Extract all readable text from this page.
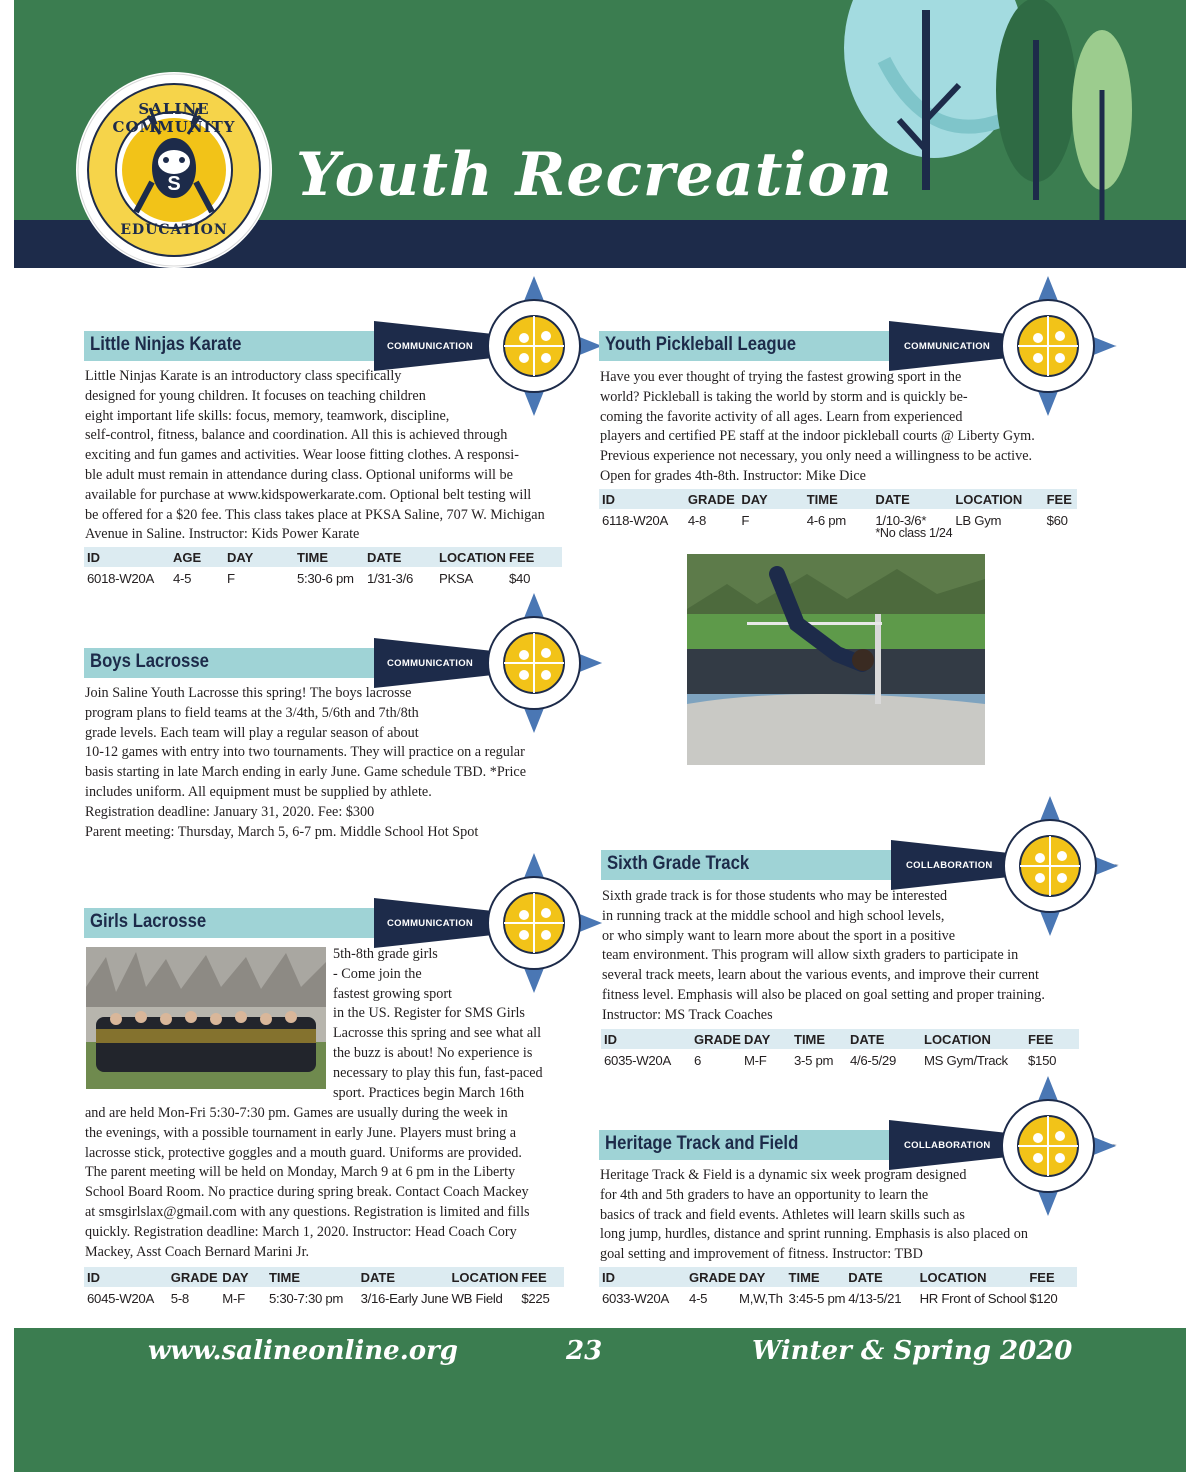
Youth Recreation
S
SALINE COMMUNITY
EDUCATION
COMMUNICATION
Little Ninjas Karate

Little Ninjas Karate is an introductory class specifically

designed for young children. It focuses on teaching children

eight important life skills: focus, memory, teamwork, discipline,

self-control, fitness, balance and coordination. All this is achieved through

exciting and fun games and activities. Wear loose fitting clothes. A responsi-

ble adult must remain in attendance during class. Optional uniforms will be

available for purchase at www.kidspowerkarate.com. Optional belt testing will

be offered for a $20 fee. This class takes place at PKSA Saline, 707 W. Michigan

Avenue in Saline. Instructor: Kids Power Karate

ID	AGE	DAY	TIME	DATE	LOCATION	FEE
6018-W20A	4-5	F	5:30-6 pm	1/31-3/6	PKSA	$40
COMMUNICATION
Boys Lacrosse

Join Saline Youth Lacrosse this spring! The boys lacrosse

program plans to field teams at the 3/4th, 5/6th and 7th/8th

grade levels. Each team will play a regular season of about

10-12 games with entry into two tournaments. They will practice on a regular

basis starting in late March ending in early June. Game schedule TBD. *Price

includes uniform. All equipment must be supplied by athlete.

Registration deadline: January 31, 2020. Fee: $300

Parent meeting: Thursday, March 5, 6-7 pm. Middle School Hot Spot

COMMUNICATION
Girls Lacrosse

5th-8th grade girls

- Come join the

fastest growing sport

in the US. Register for SMS Girls

Lacrosse this spring and see what all

the buzz is about! No experience is

necessary to play this fun, fast-paced

sport. Practices begin March 16th

and are held Mon-Fri 5:30-7:30 pm. Games are usually during the week in

the evenings, with a possible tournament in early June. Players must bring a

lacrosse stick, protective goggles and a mouth guard. Uniforms are provided.

The parent meeting will be held on Monday, March 9 at 6 pm in the Liberty

School Board Room. No practice during spring break. Contact Coach Mackey

at smsgirlslax@gmail.com with any questions. Registration is limited and fills

quickly. Registration deadline: March 1, 2020. Instructor: Head Coach Cory

Mackey, Asst Coach Bernard Marini Jr.

ID	GRADE	DAY	TIME	DATE	LOCATION	FEE
6045-W20A	5-8	M-F	5:30-7:30 pm	3/16-Early June	WB Field	$225
COMMUNICATION
Youth Pickleball League

Have you ever thought of trying the fastest growing sport in the

world? Pickleball is taking the world by storm and is quickly be-

coming the favorite activity of all ages. Learn from experienced

players and certified PE staff at the indoor pickleball courts @ Liberty Gym.

Previous experience not necessary, you only need a willingness to be active.

Open for grades 4th-8th. Instructor: Mike Dice

ID	GRADE	DAY	TIME	DATE	LOCATION	FEE
6118-W20A	4-8	F	4-6 pm	1/10-3/6*
*No class 1/24	LB Gym	$60
COLLABORATION
Sixth Grade Track

Sixth grade track is for those students who may be interested

in running track at the middle school and high school levels,

or who simply want to learn more about the sport in a positive

team environment. This program will allow sixth graders to participate in

several track meets, learn about the various events, and improve their current

fitness level. Emphasis will also be placed on goal setting and proper training.

Instructor: MS Track Coaches

ID	GRADE	DAY	TIME	DATE	LOCATION	FEE
6035-W20A	6	M-F	3-5 pm	4/6-5/29	MS Gym/Track	$150
COLLABORATION
Heritage Track and Field

Heritage Track & Field is a dynamic six week program designed

for 4th and 5th graders to have an opportunity to learn the

basics of track and field events. Athletes will learn skills such as

long jump, hurdles, distance and sprint running. Emphasis is also placed on

goal setting and improvement of fitness. Instructor: TBD

ID	GRADE	DAY	TIME	DATE	LOCATION	FEE
6033-W20A	4-5	M,W,Th	3:45-5 pm	4/13-5/21	HR Front of School	$120
www.salineonline.org	23	Winter & Spring 2020
